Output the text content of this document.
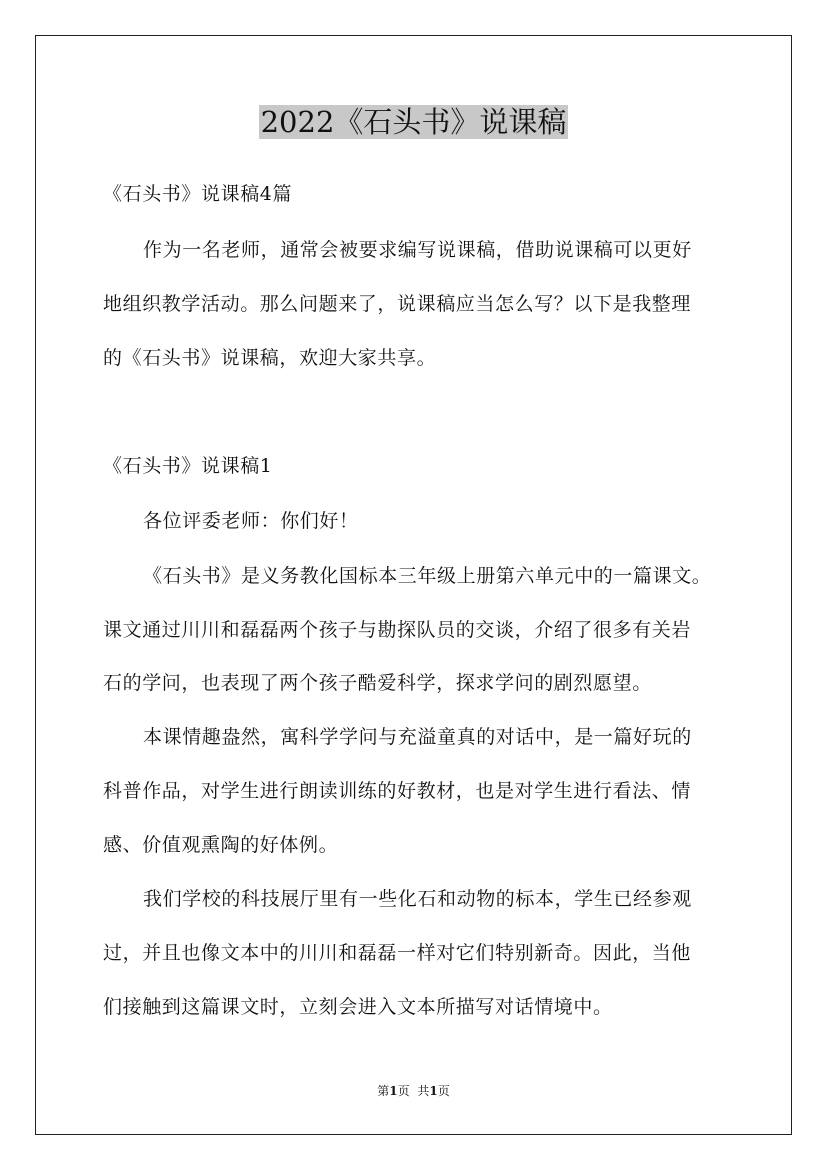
2022《石头书》说课稿
《石头书》说课稿4篇
作为一名老师，通常会被要求编写说课稿，借助说课稿可以更好
地组织教学活动。那么问题来了，说课稿应当怎么写？以下是我整理
的《石头书》说课稿，欢迎大家共享。
《石头书》说课稿1
各位评委老师：你们好！
《石头书》是义务教化国标本三年级上册第六单元中的一篇课文。
课文通过川川和磊磊两个孩子与勘探队员的交谈，介绍了很多有关岩
石的学问，也表现了两个孩子酷爱科学，探求学问的剧烈愿望。
本课情趣盎然，寓科学学问与充溢童真的对话中，是一篇好玩的
科普作品，对学生进行朗读训练的好教材，也是对学生进行看法、情
感、价值观熏陶的好体例。
我们学校的科技展厅里有一些化石和动物的标本，学生已经参观
过，并且也像文本中的川川和磊磊一样对它们特别新奇。因此，当他
们接触到这篇课文时，立刻会进入文本所描写对话情境中。
第1页 共1页
